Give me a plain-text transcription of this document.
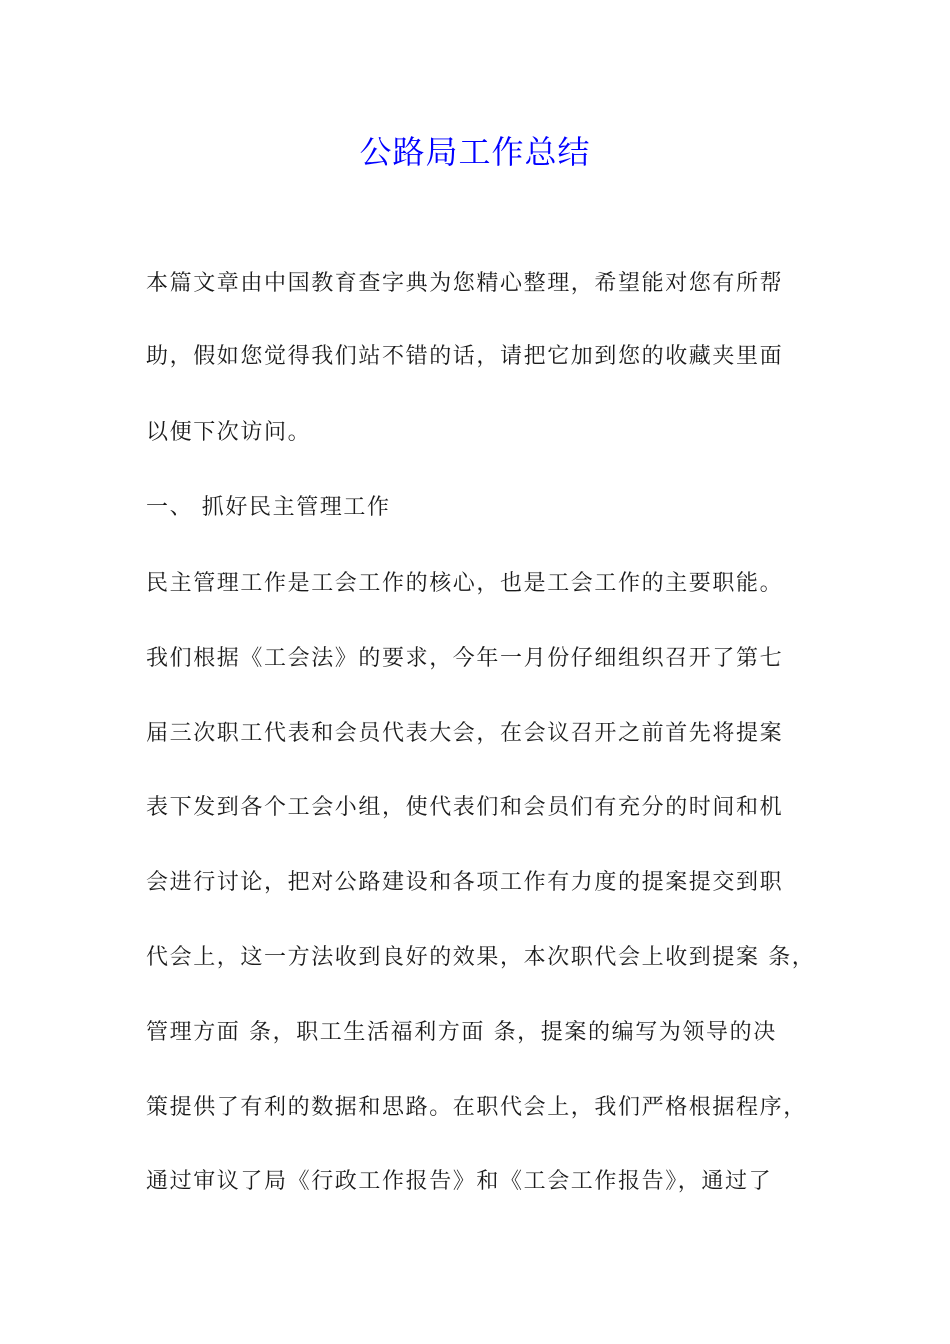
公路局工作总结

本篇文章由中国教育查字典为您精心整理，希望能对您有所帮

助，假如您觉得我们站不错的话，请把它加到您的收藏夹里面

以便下次访问。

一、 抓好民主管理工作

民主管理工作是工会工作的核心，也是工会工作的主要职能。

我们根据《工会法》的要求，今年一月份仔细组织召开了第七

届三次职工代表和会员代表大会，在会议召开之前首先将提案

表下发到各个工会小组，使代表们和会员们有充分的时间和机

会进行讨论，把对公路建设和各项工作有力度的提案提交到职

代会上，这一方法收到良好的效果，本次职代会上收到提案 条，

管理方面 条，职工生活福利方面 条，提案的编写为领导的决

策提供了有利的数据和思路。在职代会上，我们严格根据程序，

通过审议了局《行政工作报告》和《工会工作报告》，通过了
